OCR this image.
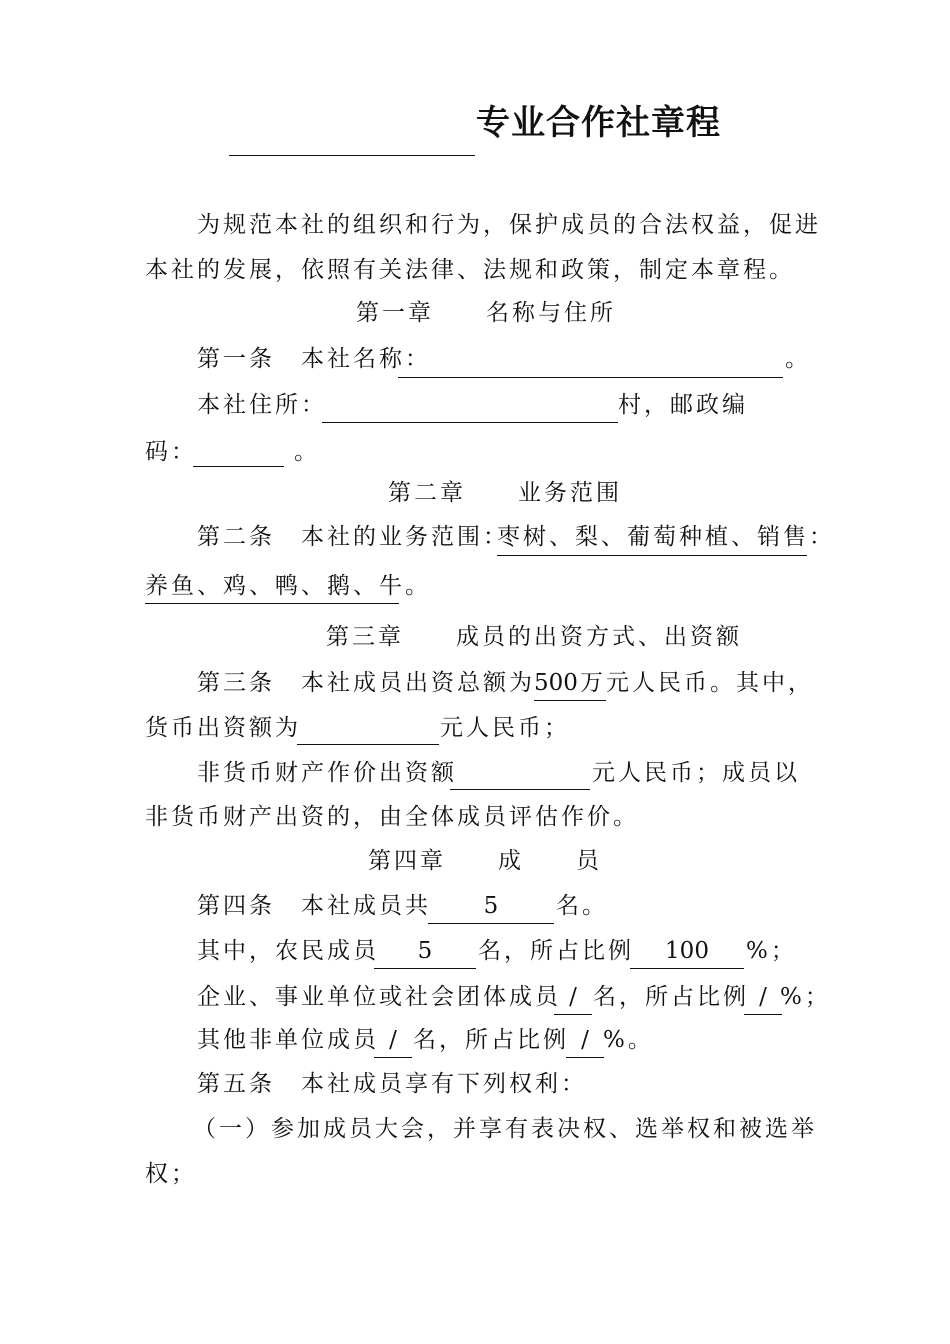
专业合作社章程
为规范本社的组织和行为，保护成员的合法权益，促进
本社的发展，依照有关法律、法规和政策，制定本章程。
第一章　　名称与住所
第一条　本社名称：	。
本社住所：	村，邮政编
码：	。
第二章　　业务范围
第二条　本社的业务范围：
枣树、梨、葡萄种植、销售：
养鱼、鸡、鸭、鹅、牛。
第三章　　成员的出资方式、出资额
第三条　本社成员出资总额为 500 万元人民币。其中，
货币出资额为	元人民币；
非货币财产作价出资额	元人民币；成员以
非货币财产出资的，由全体成员评估作价。
第四章　　成　　员
第四条　本社成员共	5	名。
其中，农民成员	5	名，所占比例	100	%；
企业、事业单位或社会团体成员 / 名，所占比例 / %；
其他非单位成员 / 名，所占比例 / %。
第五条　本社成员享有下列权利：
（一）参加成员大会，并享有表决权、选举权和被选举
权；
